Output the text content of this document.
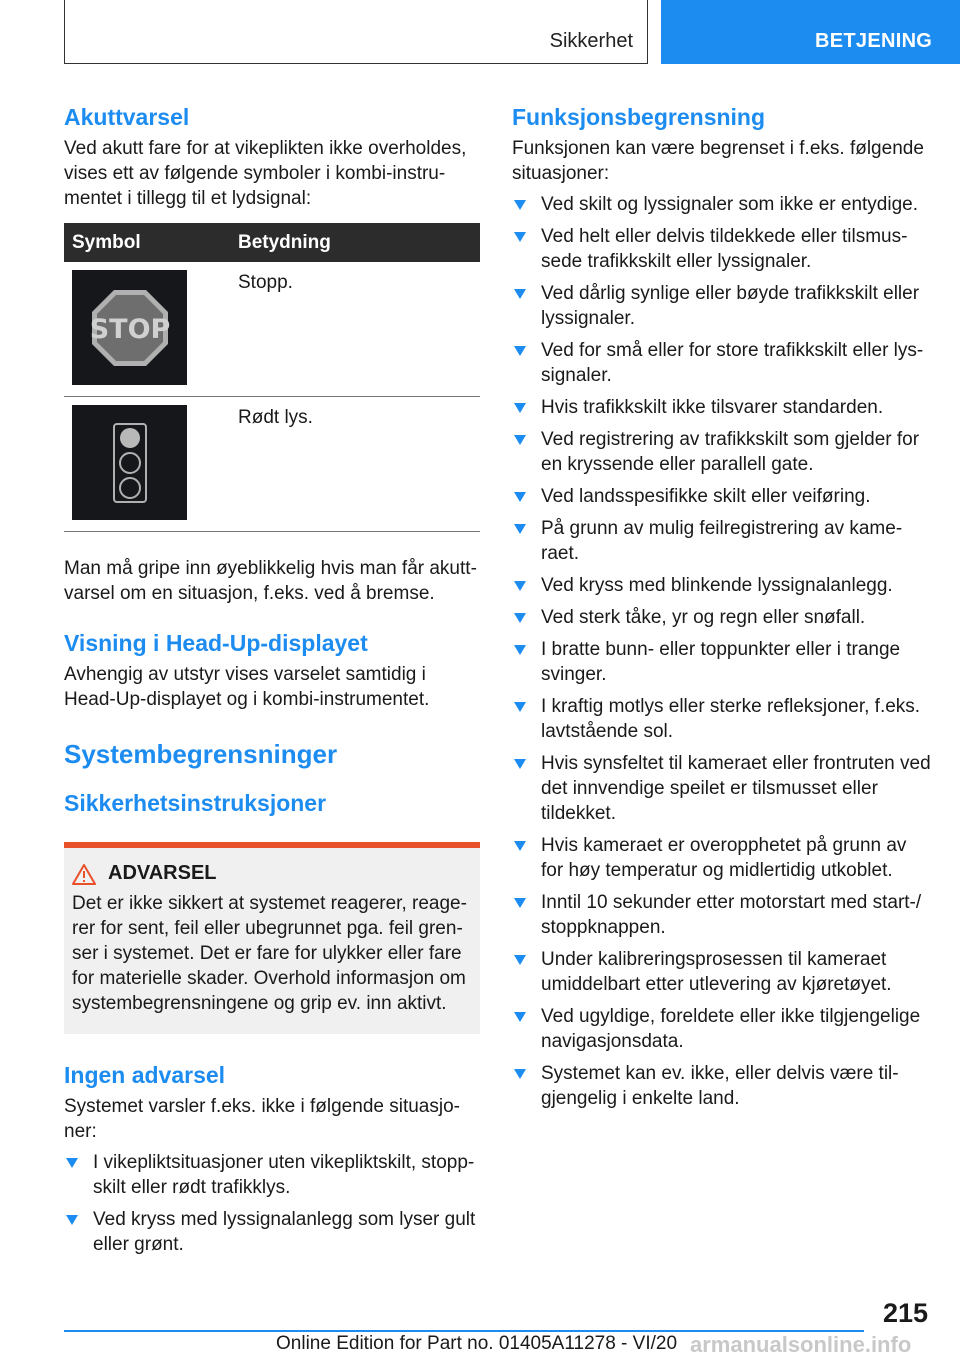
Sikkerhet	BETJENING
Akuttvarsel

Ved akutt fare for at vikeplikten ikke overholdes, vises ett av følgende symboler i kombi-instrumentet i tillegg til et lydsignal:

Symbol	Betydning

STOP	Stopp.

	Rødt lys.

Man må gripe inn øyeblikkelig hvis man får akuttvarsel om en situasjon, f.eks. ved å bremse.

Visning i Head-Up-displayet

Avhengig av utstyr vises varselet samtidig i Head-Up-displayet og i kombi-instrumentet.

Systembegrensninger
Sikkerhetsinstruksjoner
ADVARSEL

Det er ikke sikkert at systemet reagerer, reagerer for sent, feil eller ubegrunnet pga. feil grenser i systemet. Det er fare for ulykker eller fare for materielle skader. Overhold informasjon om systembegrensningene og grip ev. inn aktivt.

Ingen advarsel

Systemet varsler f.eks. ikke i følgende situasjoner:

I vikepliktsituasjoner uten vikepliktskilt, stoppskilt eller rødt trafikklys.
Ved kryss med lyssignalanlegg som lyser gult eller grønt.
Funksjonsbegrensning

Funksjonen kan være begrenset i f.eks. følgende situasjoner:

Ved skilt og lyssignaler som ikke er entydige.
Ved helt eller delvis tildekkede eller tilsmussede trafikkskilt eller lyssignaler.
Ved dårlig synlige eller bøyde trafikkskilt eller lyssignaler.
Ved for små eller for store trafikkskilt eller lyssignaler.
Hvis trafikkskilt ikke tilsvarer standarden.
Ved registrering av trafikkskilt som gjelder for en kryssende eller parallell gate.
Ved landsspesifikke skilt eller veiføring.
På grunn av mulig feilregistrering av kameraet.
Ved kryss med blinkende lyssignalanlegg.
Ved sterk tåke, yr og regn eller snøfall.
I bratte bunn- eller toppunkter eller i trange svinger.
I kraftig motlys eller sterke refleksjoner, f.eks. lavtstående sol.
Hvis synsfeltet til kameraet eller frontruten ved det innvendige speilet er tilsmusset eller tildekket.
Hvis kameraet er overopphetet på grunn av for høy temperatur og midlertidig utkoblet.
Inntil 10 sekunder etter motorstart med start-/ stoppknappen.
Under kalibreringsprosessen til kameraet umiddelbart etter utlevering av kjøretøyet.
Ved ugyldige, foreldete eller ikke tilgjengelige navigasjonsdata.
Systemet kan ev. ikke, eller delvis være tilgjengelig i enkelte land.
215
Online Edition for Part no. 01405A11278 - VI/20 armanualsonline.info
